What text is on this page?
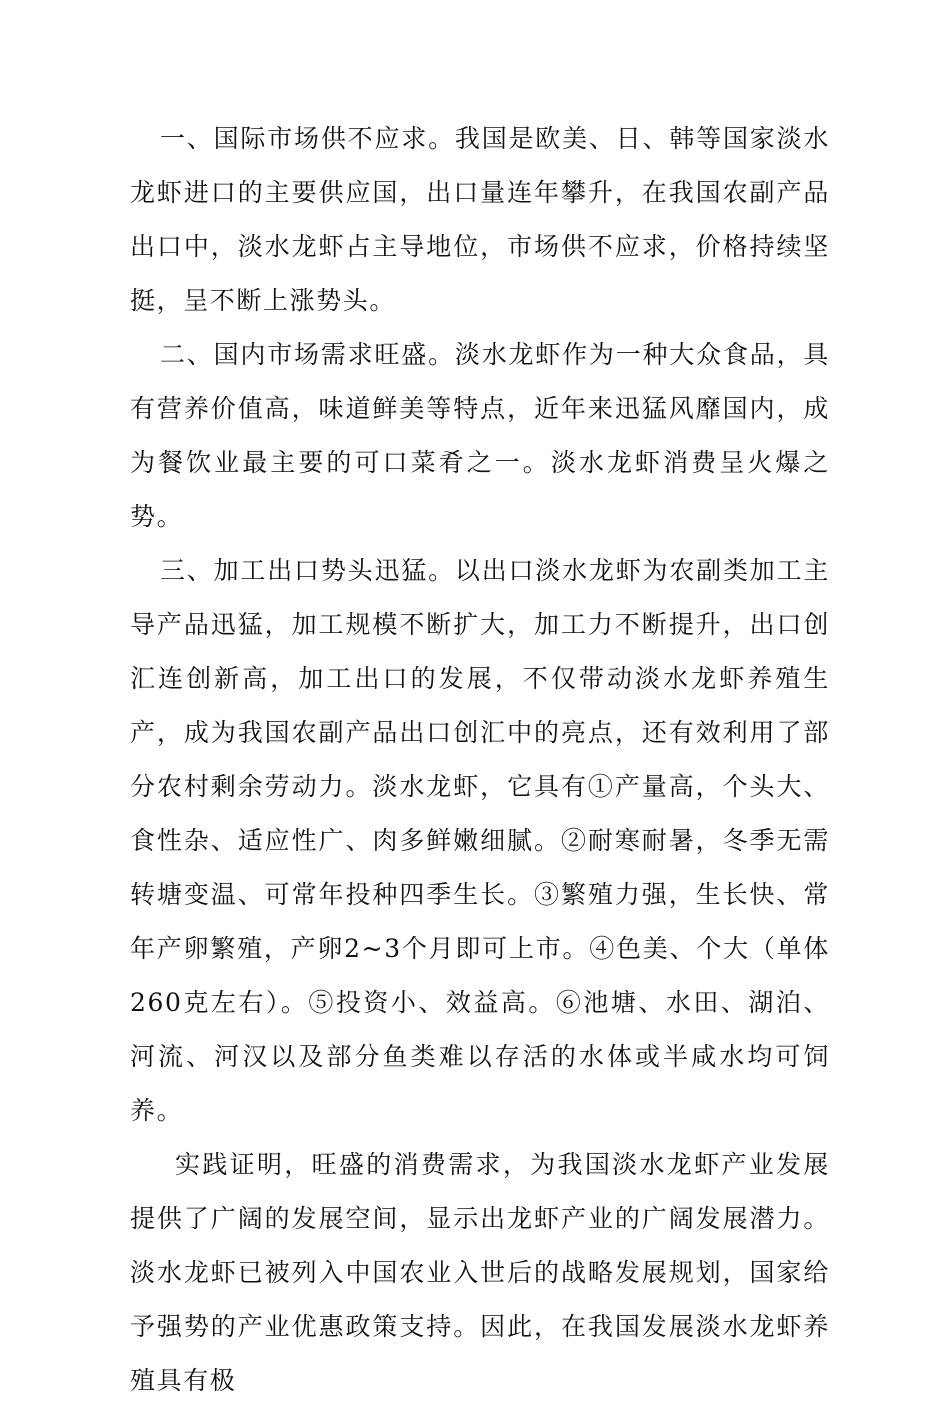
一、国际市场供不应求。我国是欧美、日、韩等国家淡水龙虾进口的主要供应国，出口量连年攀升，在我国农副产品出口中，淡水龙虾占主导地位，市场供不应求，价格持续坚挺，呈不断上涨势头。

二、国内市场需求旺盛。淡水龙虾作为一种大众食品，具有营养价值高，味道鲜美等特点，近年来迅猛风靡国内，成为餐饮业最主要的可口菜肴之一。淡水龙虾消费呈火爆之势。

三、加工出口势头迅猛。以出口淡水龙虾为农副类加工主导产品迅猛，加工规模不断扩大，加工力不断提升，出口创汇连创新高，加工出口的发展，不仅带动淡水龙虾养殖生产，成为我国农副产品出口创汇中的亮点，还有效利用了部分农村剩余劳动力。淡水龙虾，它具有①产量高，个头大、食性杂、适应性广、肉多鲜嫩细腻。②耐寒耐暑，冬季无需转塘变温、可常年投种四季生长。③繁殖力强，生长快、常年产卵繁殖，产卵2~3个月即可上市。④色美、个大（单体260克左右）。⑤投资小、效益高。⑥池塘、水田、湖泊、河流、河汉以及部分鱼类难以存活的水体或半咸水均可饲养。

实践证明，旺盛的消费需求，为我国淡水龙虾产业发展提供了广阔的发展空间，显示出龙虾产业的广阔发展潜力。淡水龙虾已被列入中国农业入世后的战略发展规划，国家给予强势的产业优惠政策支持。因此，在我国发展淡水龙虾养殖具有极
